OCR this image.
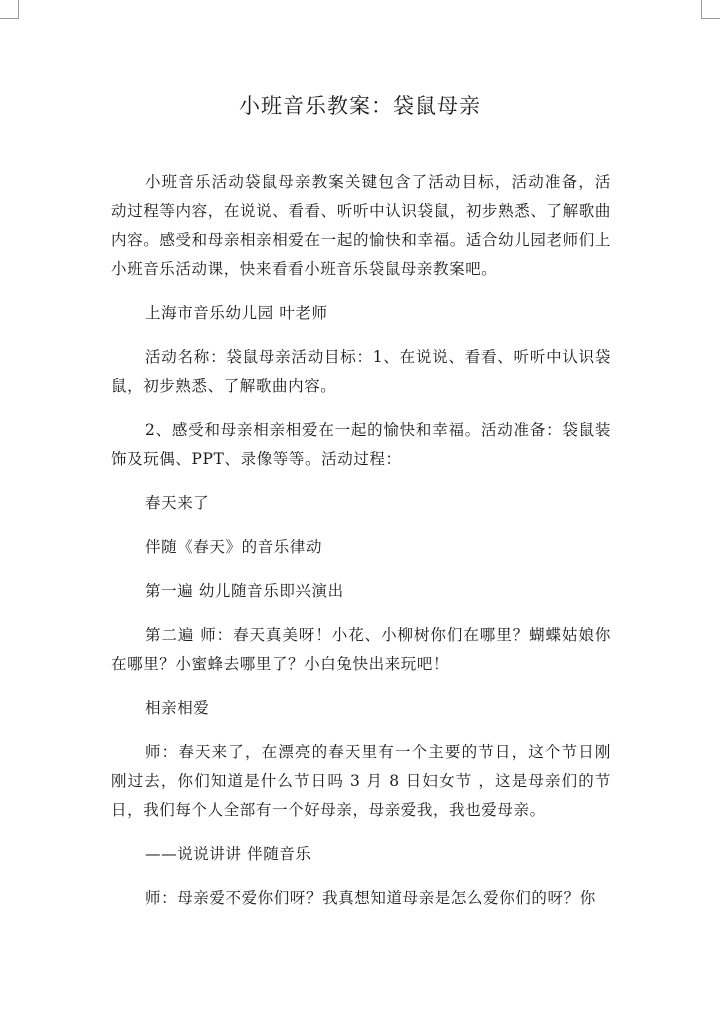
小班音乐教案：袋鼠母亲

小班音乐活动袋鼠母亲教案关键包含了活动目标，活动准备，活动过程等内容，在说说、看看、听听中认识袋鼠，初步熟悉、了解歌曲内容。感受和母亲相亲相爱在一起的愉快和幸福。适合幼儿园老师们上小班音乐活动课，快来看看小班音乐袋鼠母亲教案吧。

上海市音乐幼儿园 叶老师

活动名称：袋鼠母亲活动目标：1、在说说、看看、听听中认识袋鼠，初步熟悉、了解歌曲内容。

2、感受和母亲相亲相爱在一起的愉快和幸福。活动准备：袋鼠装饰及玩偶、PPT、录像等等。活动过程：

春天来了

伴随《春天》的音乐律动

第一遍 幼儿随音乐即兴演出

第二遍 师：春天真美呀！小花、小柳树你们在哪里？蝴蝶姑娘你在哪里？小蜜蜂去哪里了？小白兔快出来玩吧！

相亲相爱

师：春天来了，在漂亮的春天里有一个主要的节日，这个节日刚刚过去，你们知道是什么节日吗 3 月 8 日妇女节 ，这是母亲们的节日，我们每个人全部有一个好母亲，母亲爱我，我也爱母亲。

——说说讲讲 伴随音乐

师：母亲爱不爱你们呀？我真想知道母亲是怎么爱你们的呀？你
